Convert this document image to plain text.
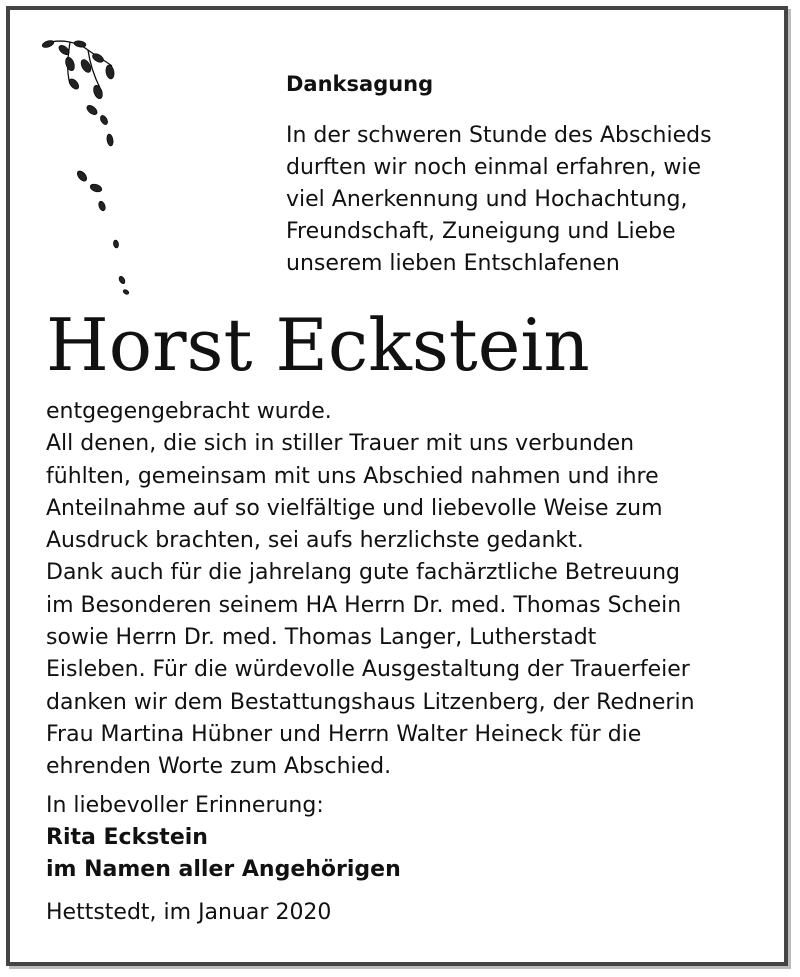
Danksagung
In der schweren Stunde des Abschieds
durften wir noch einmal erfahren, wie
viel Anerkennung und Hochachtung,
Freundschaft, Zuneigung und Liebe
unserem lieben Entschlafenen
Horst Eckstein
entgegengebracht wurde.
All denen, die sich in stiller Trauer mit uns verbunden
fühlten, gemeinsam mit uns Abschied nahmen und ihre
Anteilnahme auf so vielfältige und liebevolle Weise zum
Ausdruck brachten, sei aufs herzlichste gedankt.
Dank auch für die jahrelang gute fachärztliche Betreuung
im Besonderen seinem HA Herrn Dr. med. Thomas Schein
sowie Herrn Dr. med. Thomas Langer, Lutherstadt
Eisleben. Für die würdevolle Ausgestaltung der Trauerfeier
danken wir dem Bestattungshaus Litzenberg, der Rednerin
Frau Martina Hübner und Herrn Walter Heineck für die
ehrenden Worte zum Abschied.
In liebevoller Erinnerung:
Rita Eckstein
im Namen aller Angehörigen
Hettstedt, im Januar 2020
